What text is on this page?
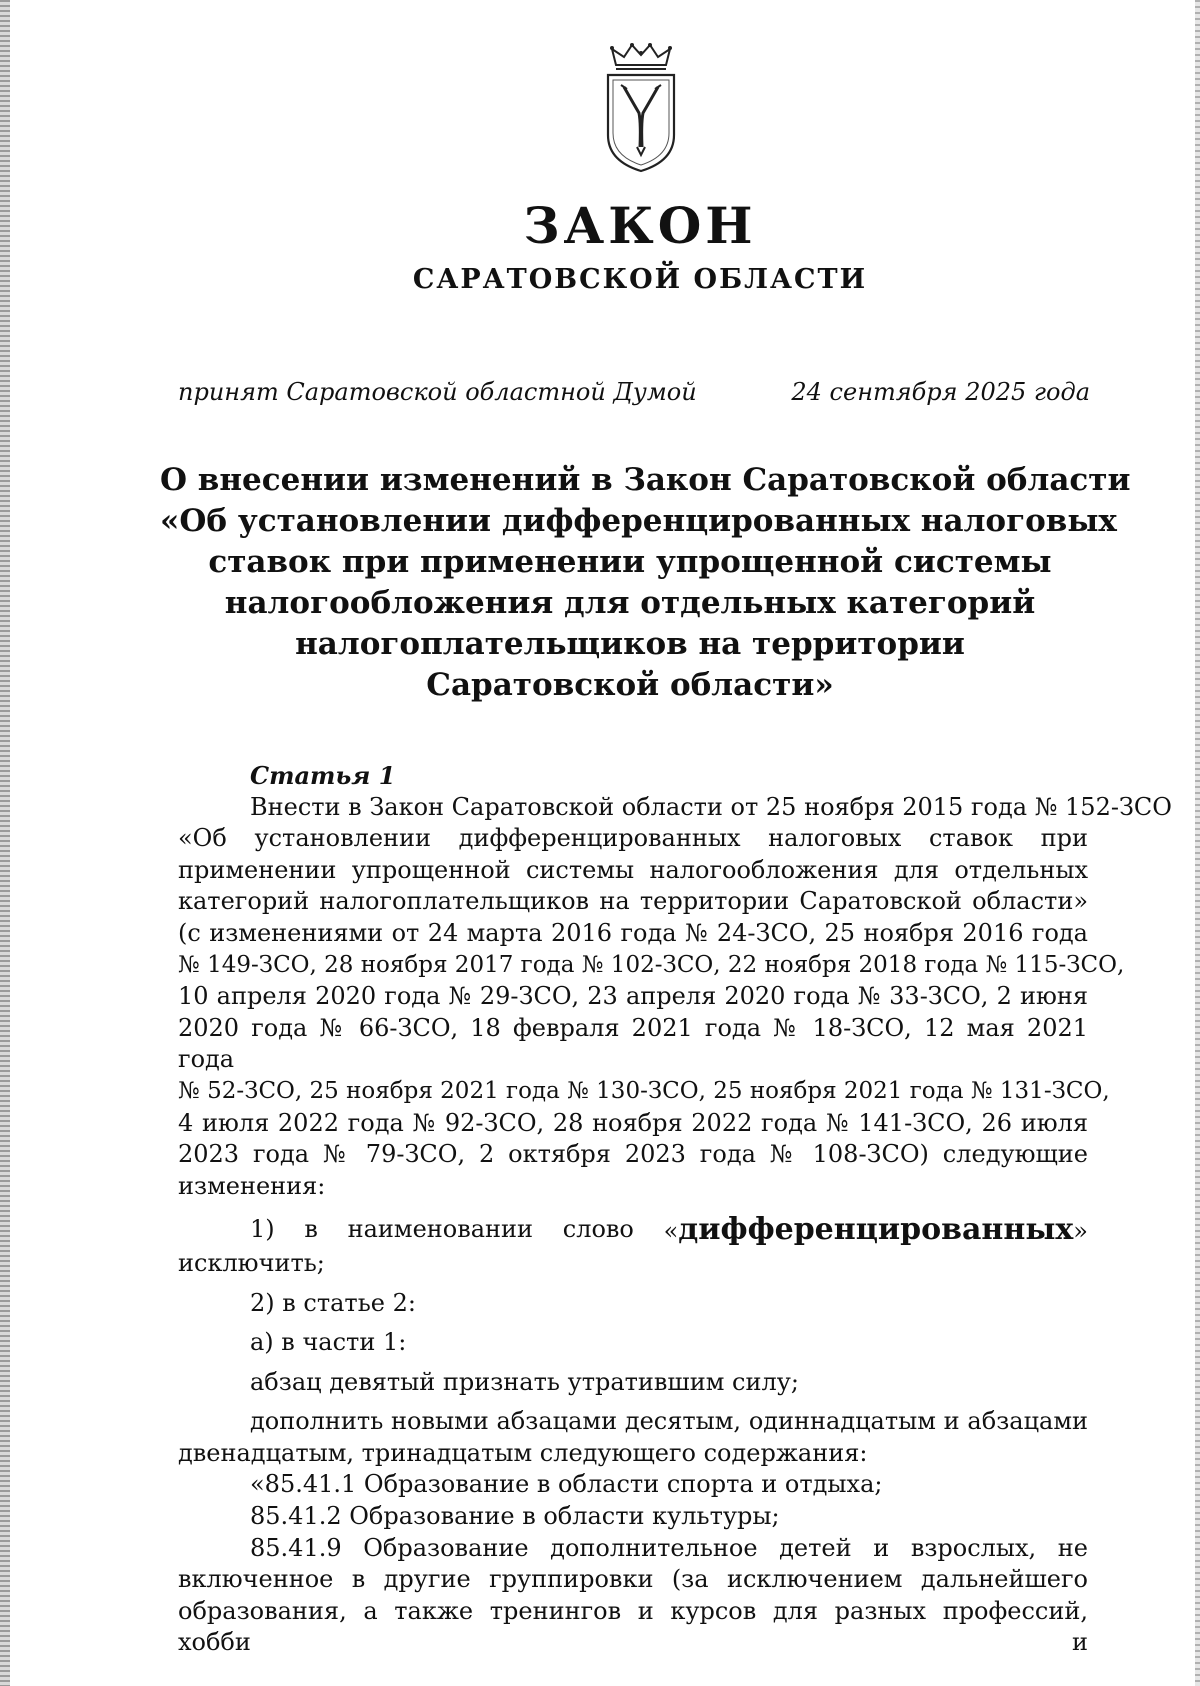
ЗАКОН
САРАТОВСКОЙ ОБЛАСТИ
принят Саратовской областной Думой	24 сентября 2025 года
О внесении изменений в Закон Саратовской области
«Об установлении дифференцированных налоговых
ставок при применении упрощенной системы
налогообложения для отдельных категорий
налогоплательщиков на территории
Саратовской области»
Статья 1
Внести в Закон Саратовской области от 25 ноября 2015 года № 152-ЗСО
«Об установлении дифференцированных налоговых ставок при
применении упрощенной системы налогообложения для отдельных
категорий налогоплательщиков на территории Саратовской области»
(с изменениями от 24 марта 2016 года № 24-ЗСО, 25 ноября 2016 года
№ 149-ЗСО, 28 ноября 2017 года № 102-ЗСО, 22 ноября 2018 года № 115-ЗСО,
10 апреля 2020 года № 29-ЗСО, 23 апреля 2020 года № 33-ЗСО, 2 июня
2020 года № 66-ЗСО, 18 февраля 2021 года № 18-ЗСО, 12 мая 2021 года
№ 52-ЗСО, 25 ноября 2021 года № 130-ЗСО, 25 ноября 2021 года № 131-ЗСО,
4 июля 2022 года № 92-ЗСО, 28 ноября 2022 года № 141-ЗСО, 26 июля
2023 года № 79-ЗСО, 2 октября 2023 года № 108-ЗСО) следующие
изменения:
1) в наименовании слово «дифференцированных»
исключить;
2) в статье 2:
а) в части 1:
абзац девятый признать утратившим силу;
дополнить новыми абзацами десятым, одиннадцатым и абзацами
двенадцатым, тринадцатым следующего содержания:
«85.41.1 Образование в области спорта и отдыха;
85.41.2 Образование в области культуры;
85.41.9 Образование дополнительное детей и взрослых, не
включенное в другие группировки (за исключением дальнейшего
образования, а также тренингов и курсов для разных профессий, хобби и
